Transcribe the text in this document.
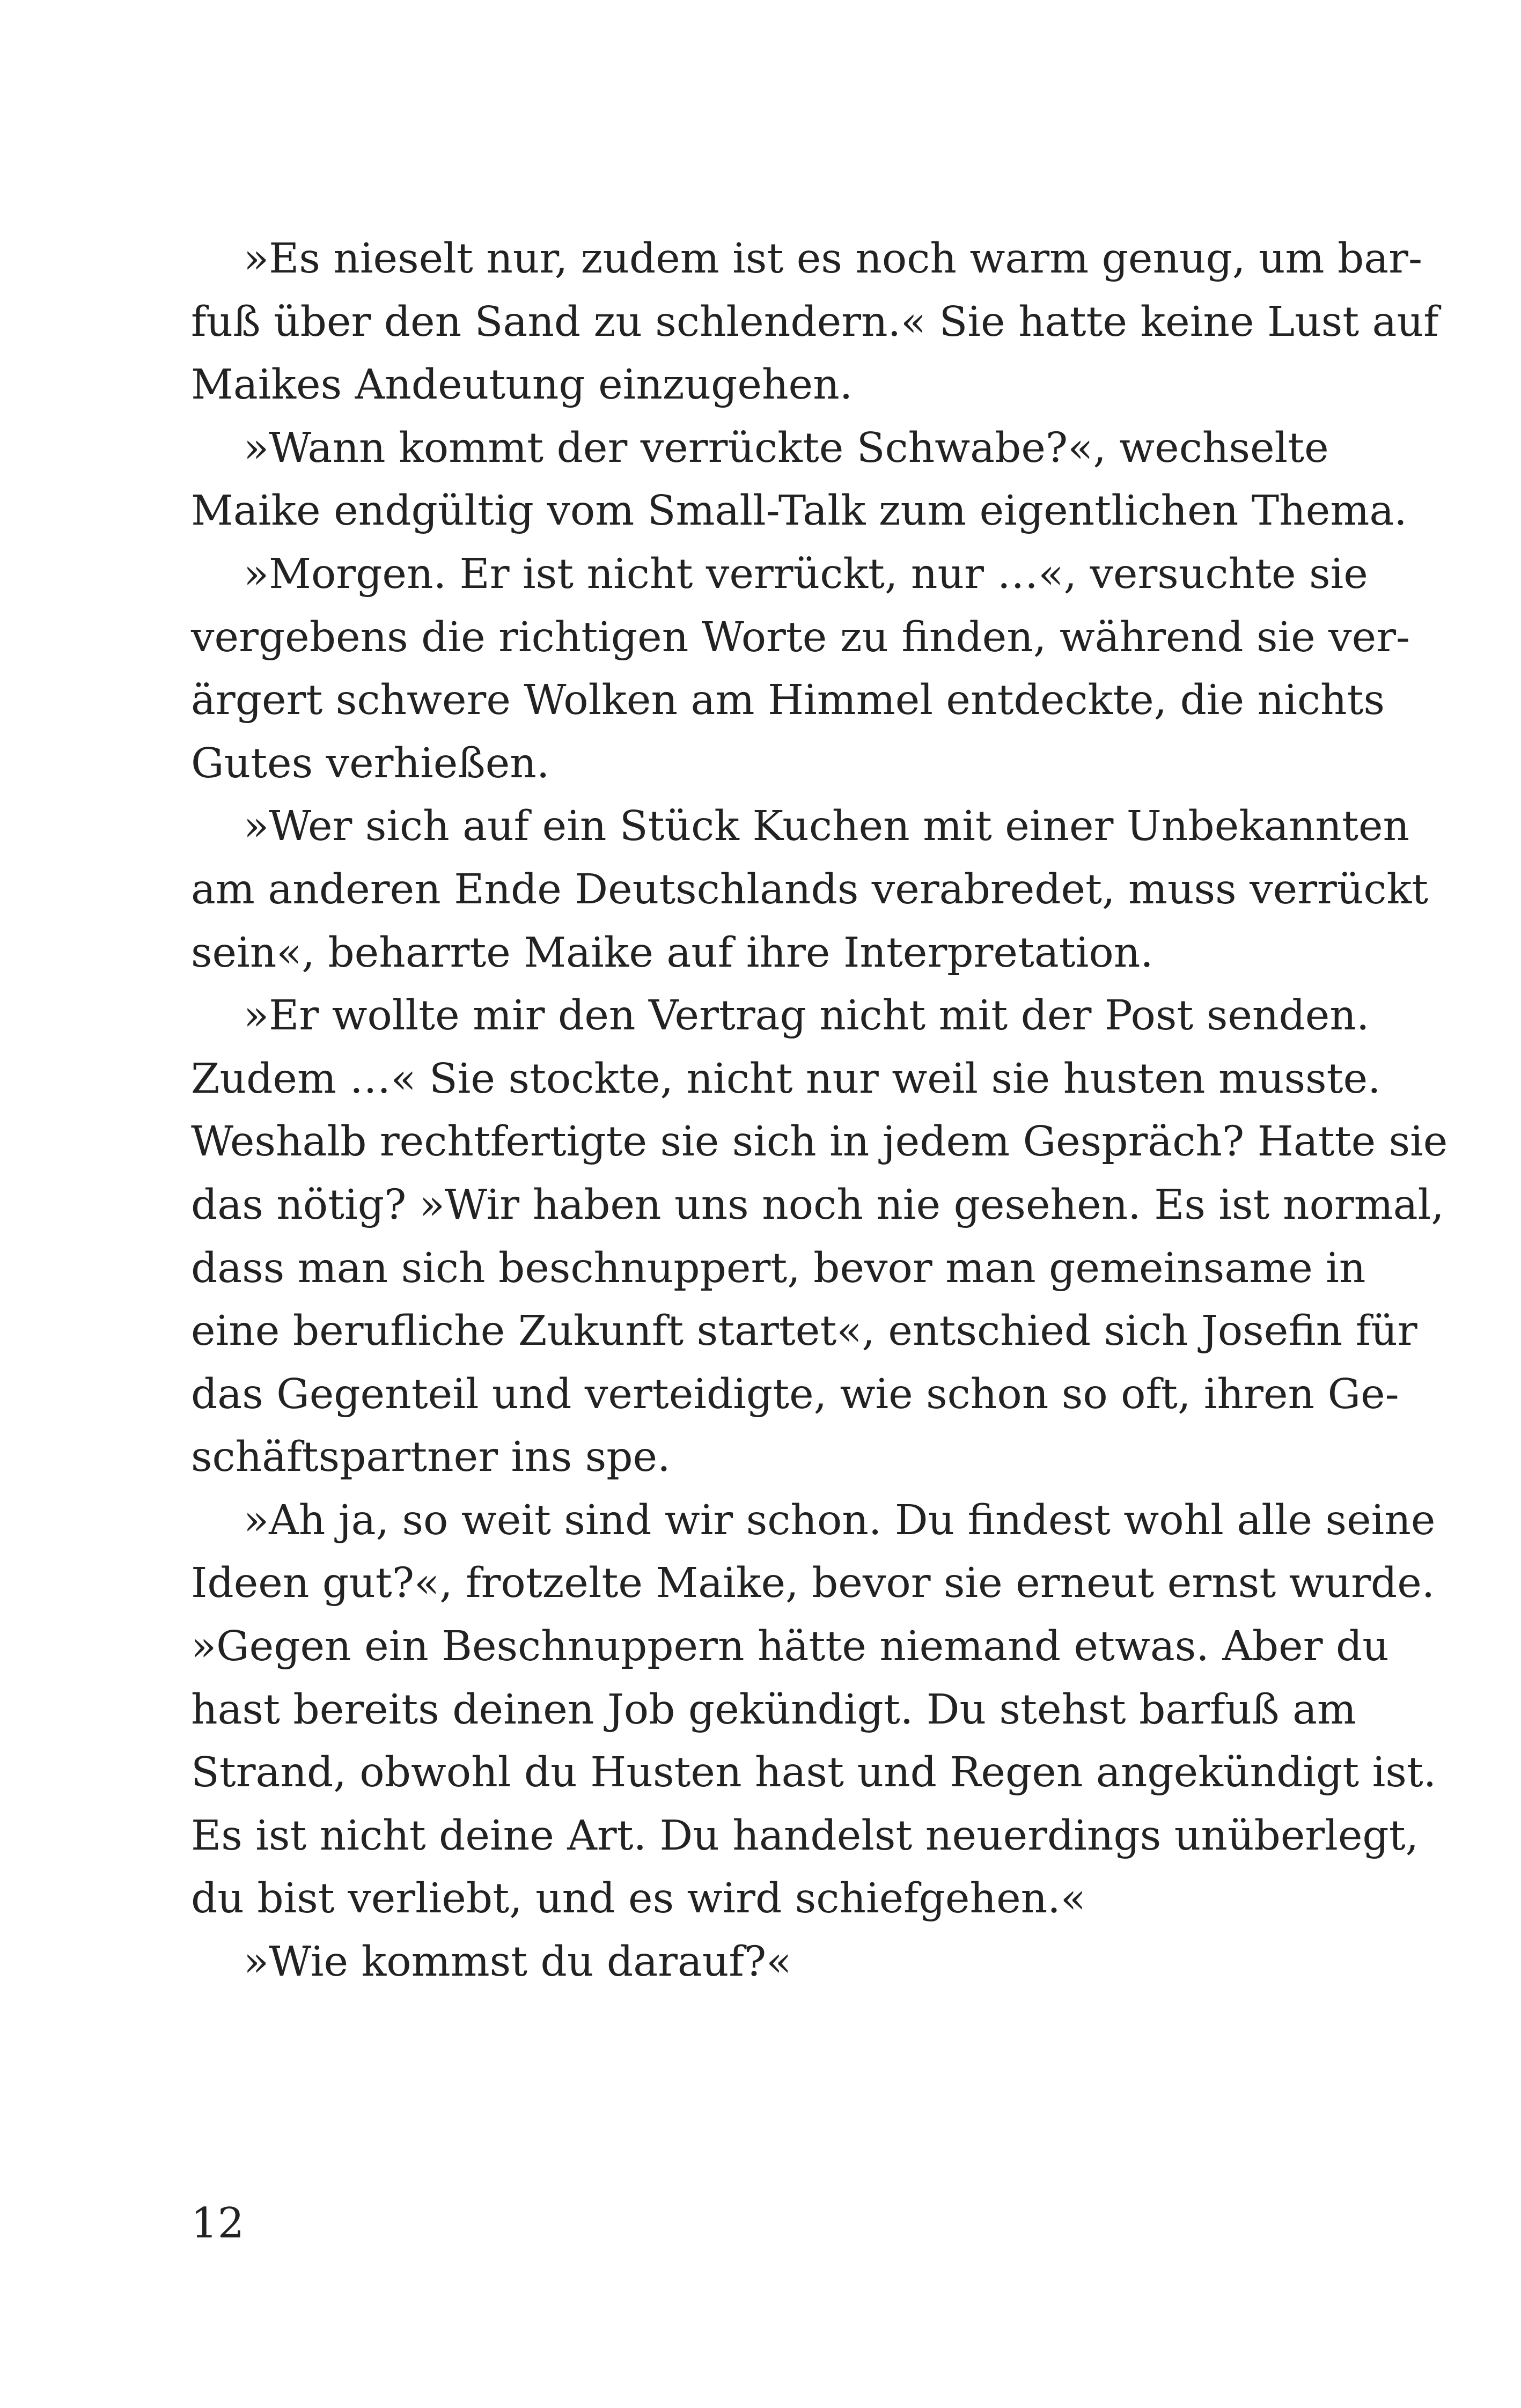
»Es nieselt nur, zudem ist es noch warm genug, um bar-
fuß über den Sand zu schlendern.« Sie hatte keine Lust auf
Maikes Andeutung einzugehen.
»Wann kommt der verrückte Schwabe?«, wechselte
Maike endgültig vom Small-Talk zum eigentlichen Thema.
»Morgen. Er ist nicht verrückt, nur …«, versuchte sie
vergebens die richtigen Worte zu finden, während sie ver-
ärgert schwere Wolken am Himmel entdeckte, die nichts
Gutes verhießen.
»Wer sich auf ein Stück Kuchen mit einer Unbekannten
am anderen Ende Deutschlands verabredet, muss verrückt
sein«, beharrte Maike auf ihre Interpretation.
»Er wollte mir den Vertrag nicht mit der Post senden.
Zudem …« Sie stockte, nicht nur weil sie husten musste.
Weshalb rechtfertigte sie sich in jedem Gespräch? Hatte sie
das nötig? »Wir haben uns noch nie gesehen. Es ist normal,
dass man sich beschnuppert, bevor man gemeinsame in
eine berufliche Zukunft startet«, entschied sich Josefin für
das Gegenteil und verteidigte, wie schon so oft, ihren Ge-
schäftspartner ins spe.
»Ah ja, so weit sind wir schon. Du findest wohl alle seine
Ideen gut?«, frotzelte Maike, bevor sie erneut ernst wurde.
»Gegen ein Beschnuppern hätte niemand etwas. Aber du
hast bereits deinen Job gekündigt. Du stehst barfuß am
Strand, obwohl du Husten hast und Regen angekündigt ist.
Es ist nicht deine Art. Du handelst neuerdings unüberlegt,
du bist verliebt, und es wird schiefgehen.«
»Wie kommst du darauf?«
12
